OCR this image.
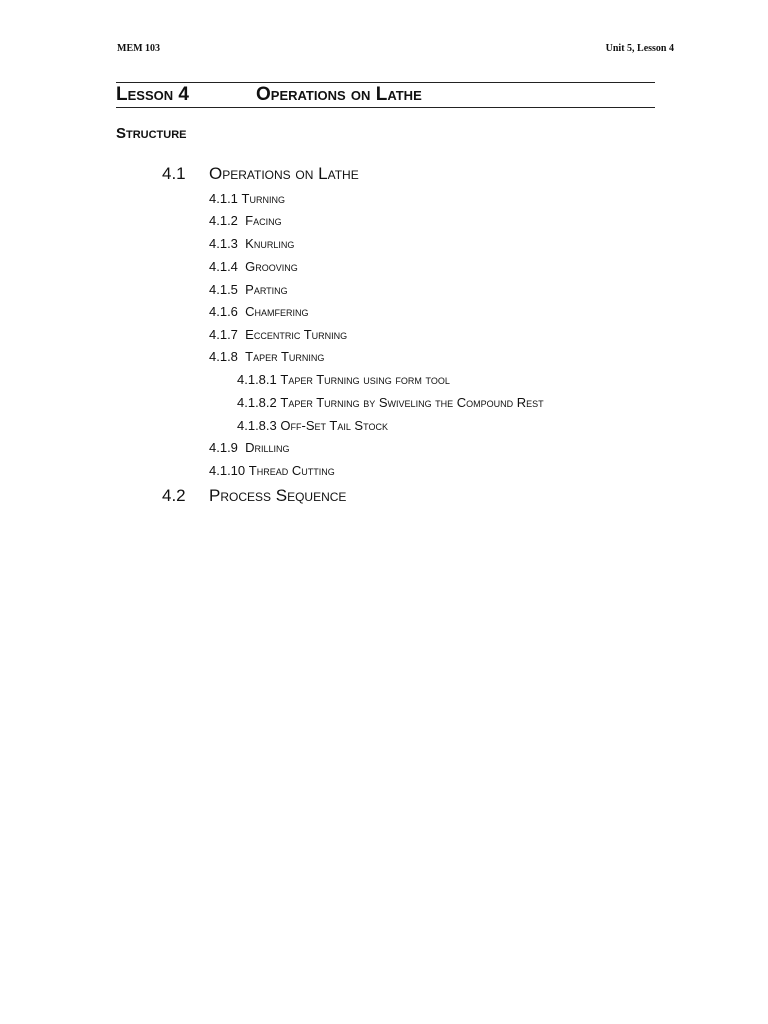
MEM 103	Unit 5, Lesson 4
Lesson 4	Operations on Lathe
Structure
4.1 Operations on Lathe
4.1.1 Turning
4.1.2 Facing
4.1.3 Knurling
4.1.4 Grooving
4.1.5 Parting
4.1.6 Chamfering
4.1.7 Eccentric Turning
4.1.8 Taper Turning
4.1.8.1 Taper Turning using form tool
4.1.8.2 Taper Turning by Swiveling the Compound Rest
4.1.8.3 Off-Set Tail Stock
4.1.9 Drilling
4.1.10 Thread Cutting
4.2 Process Sequence
